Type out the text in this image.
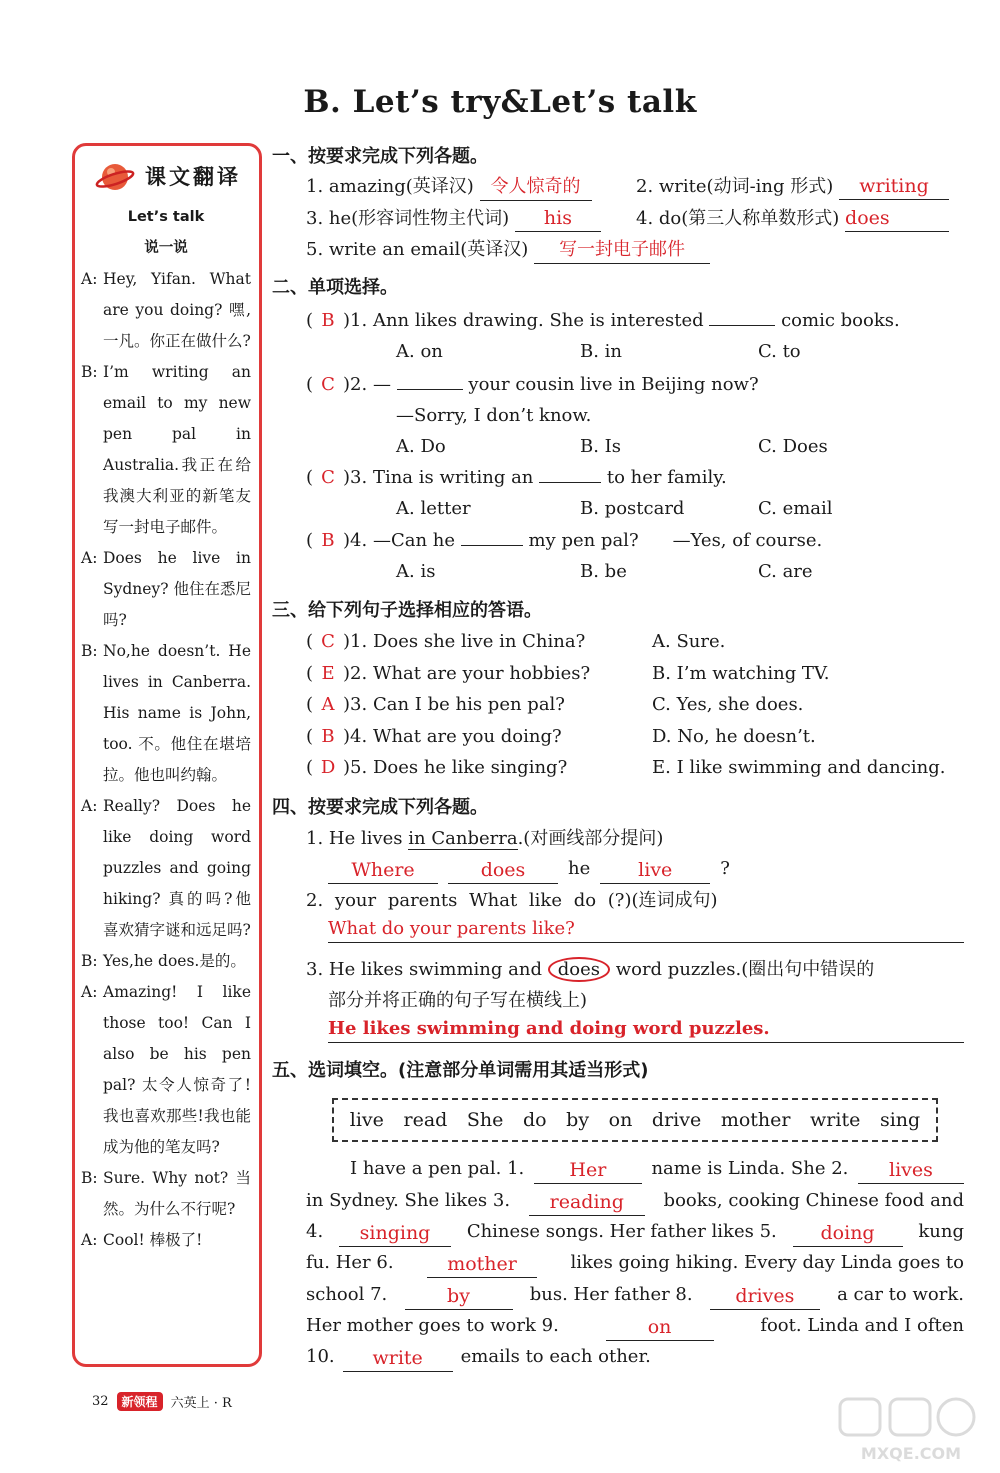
B. Let’s try&Let’s talk
课文翻译
Let’s talk
说一说
A: Hey, Yifan. What are you doing? 嘿,一凡。你正在做什么?
B: I’m writing an email to my new pen pal in Australia.我正在给我澳大利亚的新笔友写一封电子邮件。
A: Does he live in Sydney? 他住在悉尼吗?
B: No,he doesn’t. He lives in Canberra. His name is John, too. 不。他住在堪培拉。他也叫约翰。
A: Really? Does he like doing word puzzles and going hiking? 真的吗?他喜欢猜字谜和远足吗?
B: Yes,he does.是的。
A: Amazing! I like those too! Can I also be his pen pal? 太令人惊奇了!我也喜欢那些!我也能成为他的笔友吗?
B: Sure. Why not? 当然。为什么不行呢?
A: Cool! 棒极了!
一、按要求完成下列各题。
1. amazing(英译汉) 令人惊奇的	2. write(动词-ing 形式) writing
3. he(形容词性物主代词) his	4. do(第三人称单数形式) does
5. write an email(英译汉) 写一封电子邮件
二、单项选择。
( B )1. Ann likes drawing. She is interested	comic books.
A. on	B. in	C. to
( C )2. —	your cousin live in Beijing now?
—Sorry, I don’t know.
A. Do	B. Is	C. Does
( C )3. Tina is writing an	to her family.
A. letter	B. postcard	C. email
( B )4. —Can he	my pen pal? —Yes, of course.
A. is	B. be	C. are
三、给下列句子选择相应的答语。
( C )1. Does she live in China?	A. Sure.
( E )2. What are your hobbies?	B. I’m watching TV.
( A )3. Can I be his pen pal?	C. Yes, she does.
( B )4. What are you doing?	D. No, he doesn’t.
( D )5. Does he like singing?	E. I like swimming and dancing.
四、按要求完成下列各题。
1. He lives in Canberra.(对画线部分提问)
Where	does	he	live	?
2. your parents What like do (?)(连词成句)
What do your parents like?
3. He likes swimming and does word puzzles.(圈出句中错误的
部分并将正确的句子写在横线上)
He likes swimming and doing word puzzles.
五、选词填空。(注意部分单词需用其适当形式)
live read She do by on drive mother write sing
I have a pen pal. 1.	Her	name is Linda. She 2.	lives
in Sydney. She likes 3.	reading	books, cooking Chinese food and
4.	singing	Chinese songs. Her father likes 5.	doing	kung
fu. Her 6.	mother	likes going hiking. Every day Linda goes to
school 7.	by	bus. Her father 8.	drives	a car to work.
Her mother goes to work 9.	on	foot. Linda and I often
10.	write	emails to each other.
32	新领程	六英上 · R
MXQE.COM
